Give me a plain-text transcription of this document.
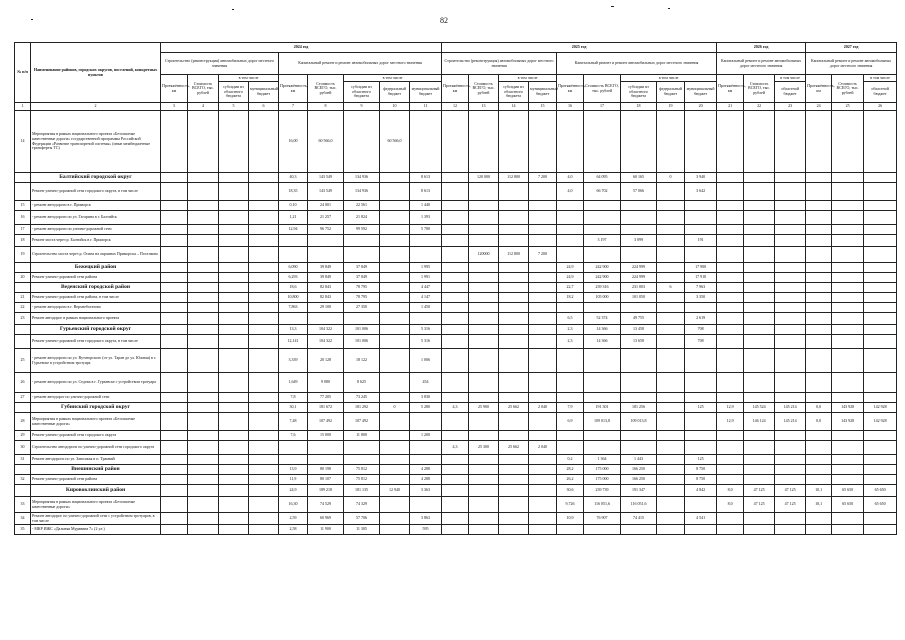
82
№ п/п	Наименование районов, городских округов, поселений, конкретных пунктов	2024 год									2025 год									2026 год			2027 год			
		Строительство (реконструкция) автомобильных дорог местного значения				Капитальный ремонт и ремонт автомобильных дорог местного значения					Строительство (реконструкция) автомобильных дорог местного значения				Капитальный ремонт и ремонт автомобильных дорог местного значения					Капитальный ремонт и ремонт автомобильных дорог местного значения			Капитальный ремонт и ремонт автомобильных дорог местного значения			
		Протяжённость, км	Стоимость ВСЕГО, тыс. рублей	в том числе		Протяжённость, км	Стоимость ВСЕГО, тыс. рублей	в том числе			Протяжённость, км	Стоимость ВСЕГО, тыс. рублей	в том числе		Протяжённость, км	Стоимость ВСЕГО, тыс. рублей	в том числе			Протяжённость, км	Стоимость ВСЕГО, тыс. рублей	в том числе	Протяжённость, км	Стоимость ВСЕГО, тыс. рублей	в том числе	
				субсидии из областного бюджета	муниципальный бюджет			субсидии из областного бюджета	федеральный бюджет	муниципальный бюджет			субсидии из областного бюджета	муниципальный бюджет			субсидии из областного бюджета	федеральный бюджет	муниципальный бюджет			областной бюджет			областной бюджет	
1	2	3	4	5	6	7	8	9	10	11	12	13	14	15	16	17	18	19	20	21	22	23	24	25	26	
14	Мероприятия в рамках национального проекта «Безопасные качественные дороги» государственной программы Российской Федерации «Развитие транспортной системы» (иные межбюджетные трансферты ТС)					16,00	60 566,0		60 566,0																	
	Балтийский городской округ					40,3	143 549	134 936		8 613		120 000	112 800	7 200	4,0	64 095	60 165	0	3 940							
	Ремонт улично-дорожной сети городского округа, в том числе					18,35	143 549	134 936		8 613					4,0	66 702	57 066		3 642							
15	- ремонт автодороги в г. Приморск					0,10	24 001	22 561		1 440																
16	- ремонт автодороги по ул. Гагарина в г. Балтийск					1,21	21 257	21 824		1 393																
17	- ремонт автодороги по улично-дорожной сети					12,94	96 752	99 592		5 780																
18	Ремонт моста через р. Балтийск в г. Приморск															3 197	3 099		191							
19	Строительство моста через р. Осина на окраинах Приморска – Поселково											120000	112 800	7 200												
	Бежецкий район					6,090	39 849	37 849		1 995					24,9	242 900	224 999		17 900							
20	Ремонт улично-дорожной сети района					6,293	39 849	37 849		1 991					24,9	242 900	224 999		17 910							
	Веденский городской район					18,6	82 843	78 795		4 447					22,7	239 316	231 003	6	7 963							
21	Ремонт улично-дорожной сети района, в том числе					10,800	82 843	78 795		4 147					18,2	105 000	101 050		3 350							
22	- ремонт автодороги в г. Верхнебогатово					7,863	29 100	27 350		1 450																
23	Ремонт автодорог в рамках национального проекта														6,5	52 374	49 755		2 619							
	Гурьевский городской округ					13,3	104 322	101 006		5 316					2,3	14 366	13 458		708							
	Ремонт улично-дорожной сети городского округа, в том числе					12,141	104 322	101 006		5 316					2,3	14 366	13 658		708							
25	- ремонт автодороги по ул. Вутаторского (от ул. Таран до ул. Южная) в г. Гурьевске в устройством тротуара					3,339	20 128	18 122		1 006																
26	- ремонт автодороги по ул. Седова в г. Гурьевске с устройством тротуара					1,649	9 080	8 625		454																
27	- ремонт автодорог по улично-дорожной сети					7,8	77 205	73 245		3 830																
	Губинский городской округ					30,1	181 672	181 292	0	5 280	4,3	25 900	25 662	2 040	7,9	191 301	181 256		125	12,9	145 524	145 214	0,0	143 928	142 928	
28	Мероприятия в рамках национального проекта «Безопасные качественные дороги»					7,48	107 492	107 492							6,9	109 013,8	109 013,8			12,9	146 124	145 214	0,0	143 928	142 928	
29	Ремонт улично-дорожной сети городского округа					7,6	15 000	11 800		1 200																
30	Строительство автодороги по улично-дорожной сети городского округа										4,3	25 300	25 662	2 040												
31	Ремонт автодороги по ул. Заволжья в п. Трамвай														0,2	1 364	1 443		125							
	Внешинский район					13,9	80 198	75 812		4 288					28,2	175 000	166 250		8 750							
32	Ремонт улично-дорожной сети района					11,9	80 107	75 812		4 288					26,2	175 000	166 250		8 750							
	Кировоклинский район					24,9	189 218	181 135	12 940	3 363					30,6	239 739	191 347		4 842	8,0	47 125	47 125	10,1	65 650	65 650	
33	Мероприятия в рамках национального проекта «Безопасные качественные дороги»					16,30	74 529	74 329							9,726	116 051,6	116 051,6			8,0	47 125	47 125	10,1	65 650	65 650	
34	Ремонт автодорог по улично-дорожной сети с устройством тротуаров, в том числе					2,59	60 969	57 706		3 863					10,9	76 907	74 415		4 541							
35	- МКР ИЖС «Дальняя Муравина 7» (2 ул.)					2,58	11 900	11 305		595																
